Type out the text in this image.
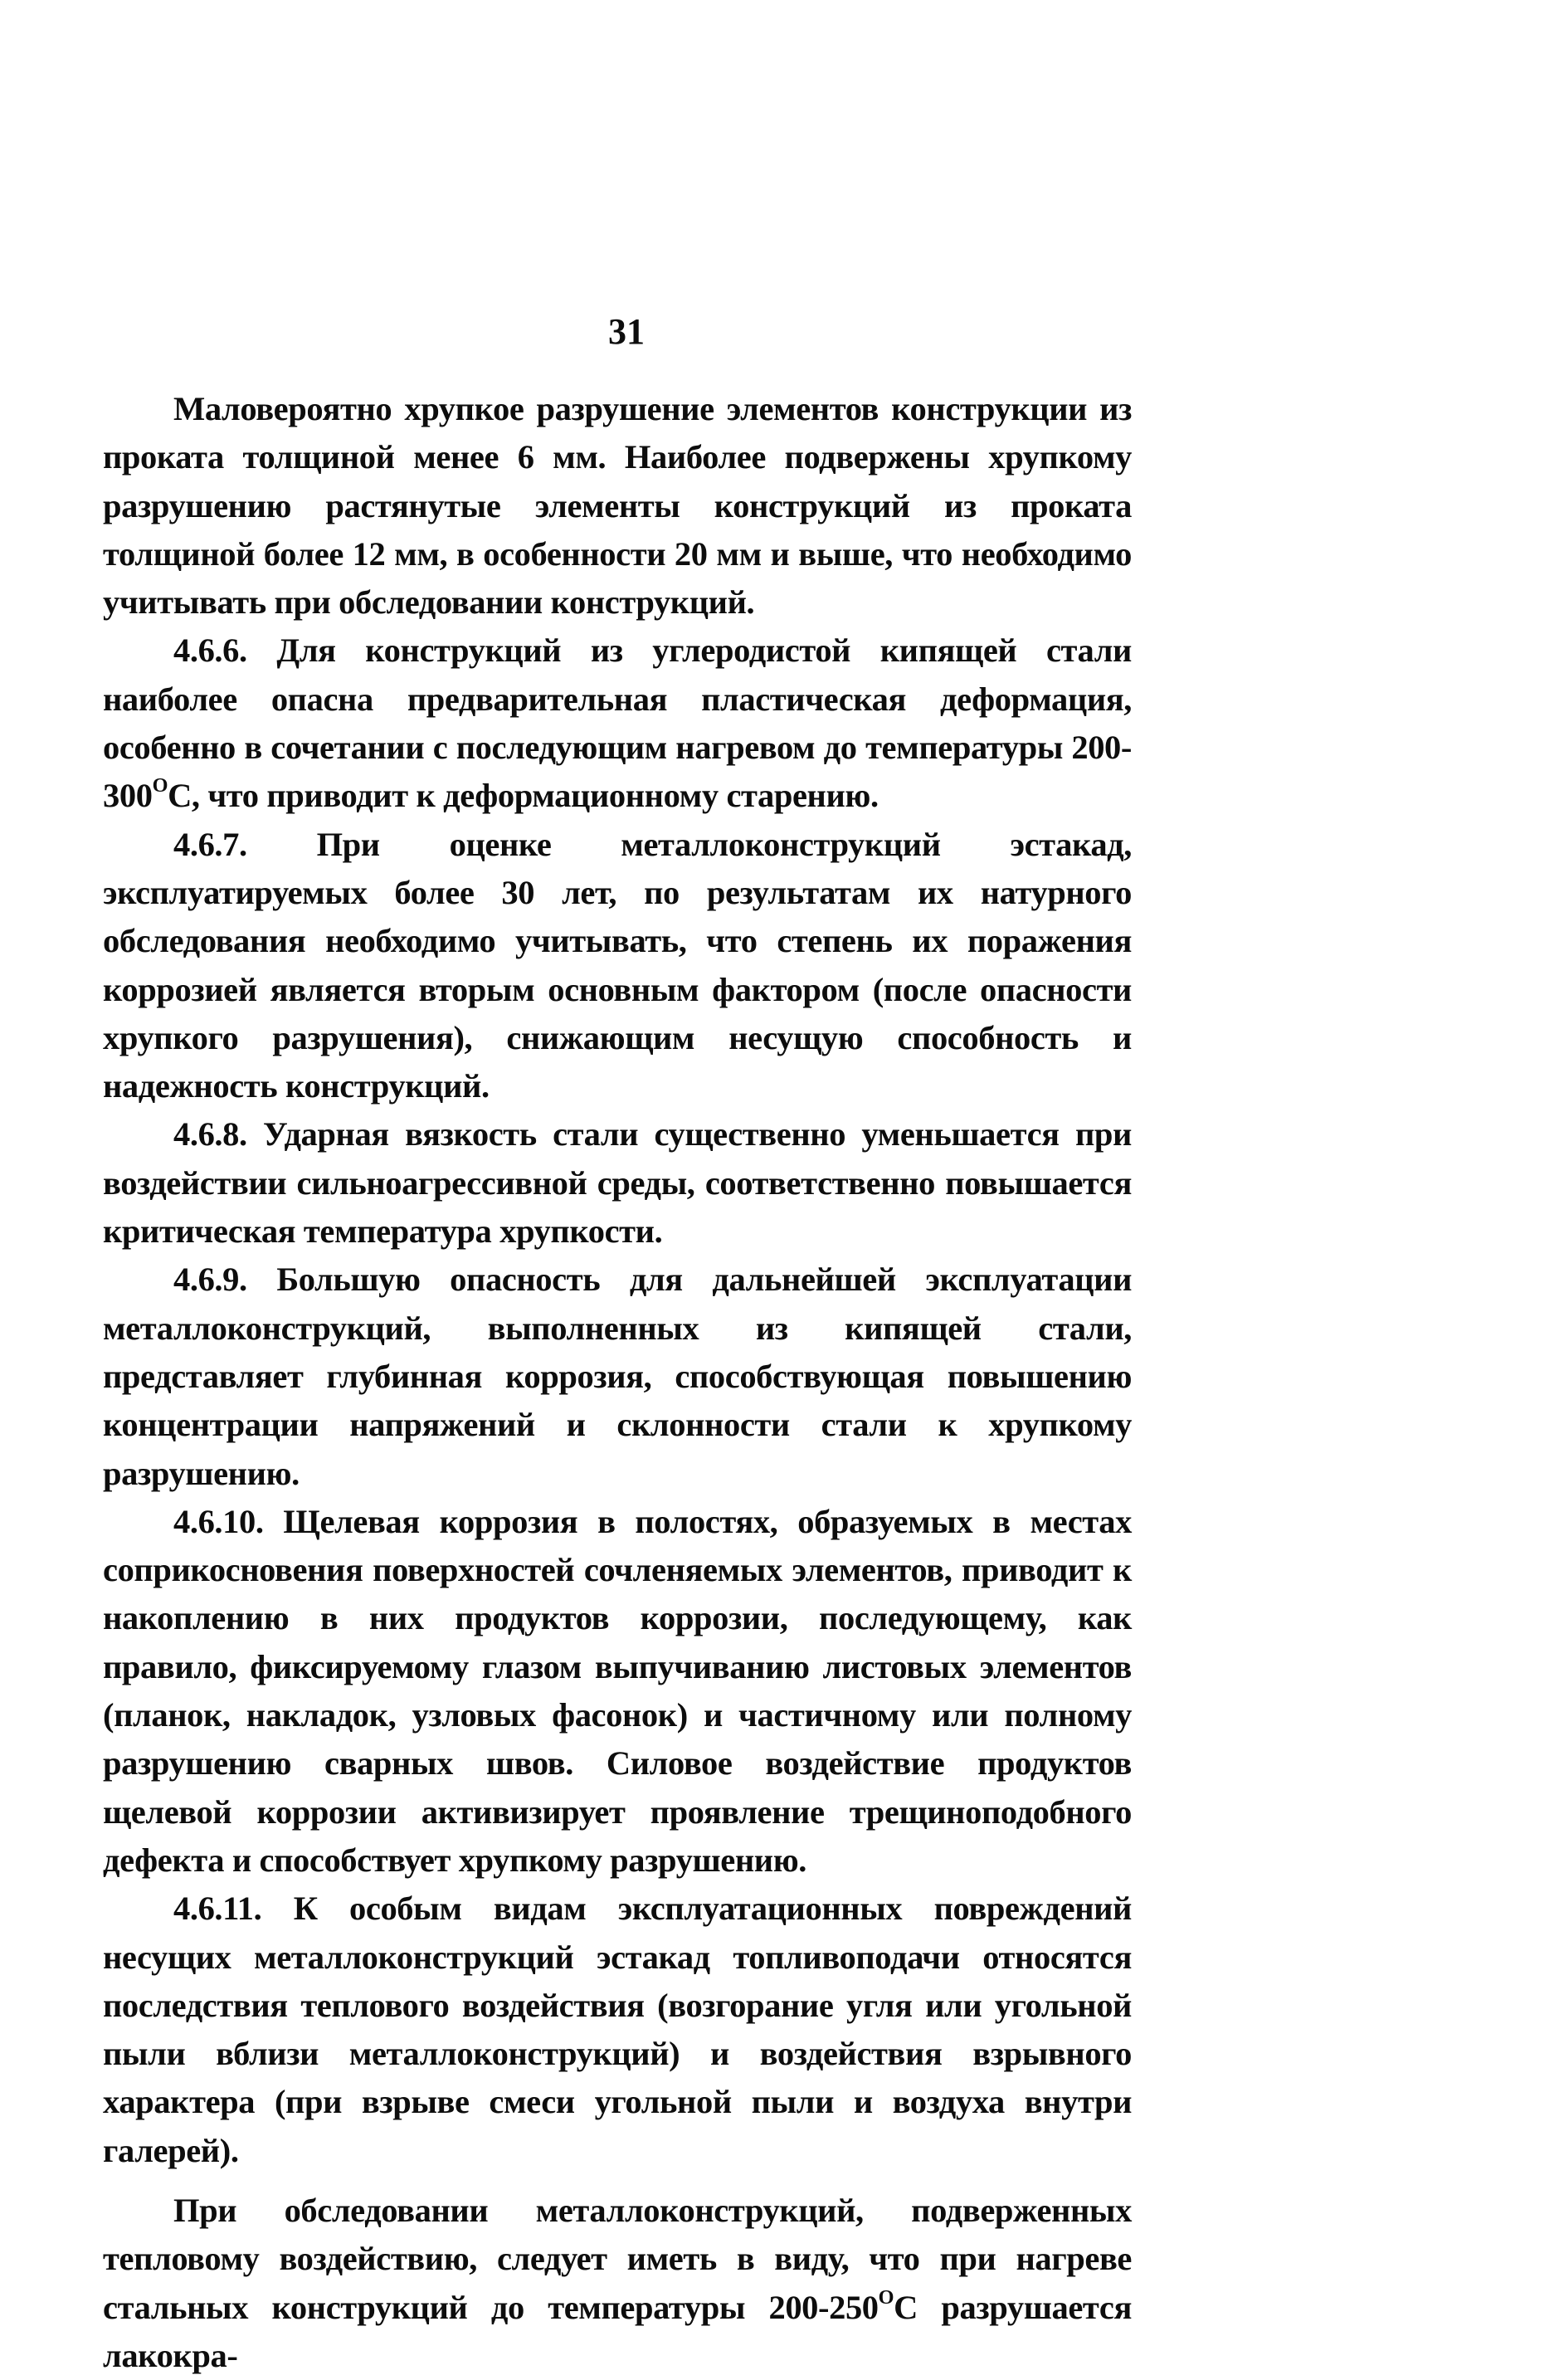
31

Маловероятно хрупкое разрушение элементов конструкции из проката толщиной менее 6 мм. Наиболее подвержены хрупкому разрушению растянутые элементы конструкций из проката толщиной более 12 мм, в особенности 20 мм и выше, что необходимо учитывать при обследовании конструкций.

4.6.6. Для конструкций из углеродистой кипящей стали наиболее опасна предварительная пластическая деформация, особенно в сочетании с последующим нагревом до температуры $200-300^OС$, что приводит к деформационному старению.

4.6.7. При оценке металлоконструкций эстакад, эксплуатируемых более 30 лет, по результатам их натурного обследования необходимо учитывать, что степень их поражения коррозией является вторым основным фактором (после опасности хрупкого разрушения), снижающим несущую способность и надежность конструкций.

4.6.8. Ударная вязкость стали существенно уменьшается при воздействии сильноагрессивной среды, соответственно повышается критическая температура хрупкости.

4.6.9. Большую опасность для дальнейшей эксплуатации металлоконструкций, выполненных из кипящей стали, представляет глубинная коррозия, способствующая повышению концентрации напряжений и склонности стали к хрупкому разрушению.

4.6.10. Щелевая коррозия в полостях, образуемых в местах соприкосновения поверхностей сочленяемых элементов, приводит к накоплению в них продуктов коррозии, последующему, как правило, фиксируемому глазом выпучиванию листовых элементов (планок, накладок, узловых фасонок) и частичному или полному разрушению сварных швов. Силовое воздействие продуктов щелевой коррозии активизирует проявление трещиноподобного дефекта и способствует хрупкому разрушению.

4.6.11. К особым видам эксплуатационных повреждений несущих металлоконструкций эстакад топливоподачи относятся последствия теплового воздействия (возгорание угля или угольной пыли вблизи металлоконструкций) и воздействия взрывного характера (при взрыве смеси угольной пыли и воздуха внутри галерей).

При обследовании металлоконструкций, подверженных тепловому воздействию, следует иметь в виду, что при нагреве стальных конструкций до температуры $200-250^OС$ разрушается лакокра-
